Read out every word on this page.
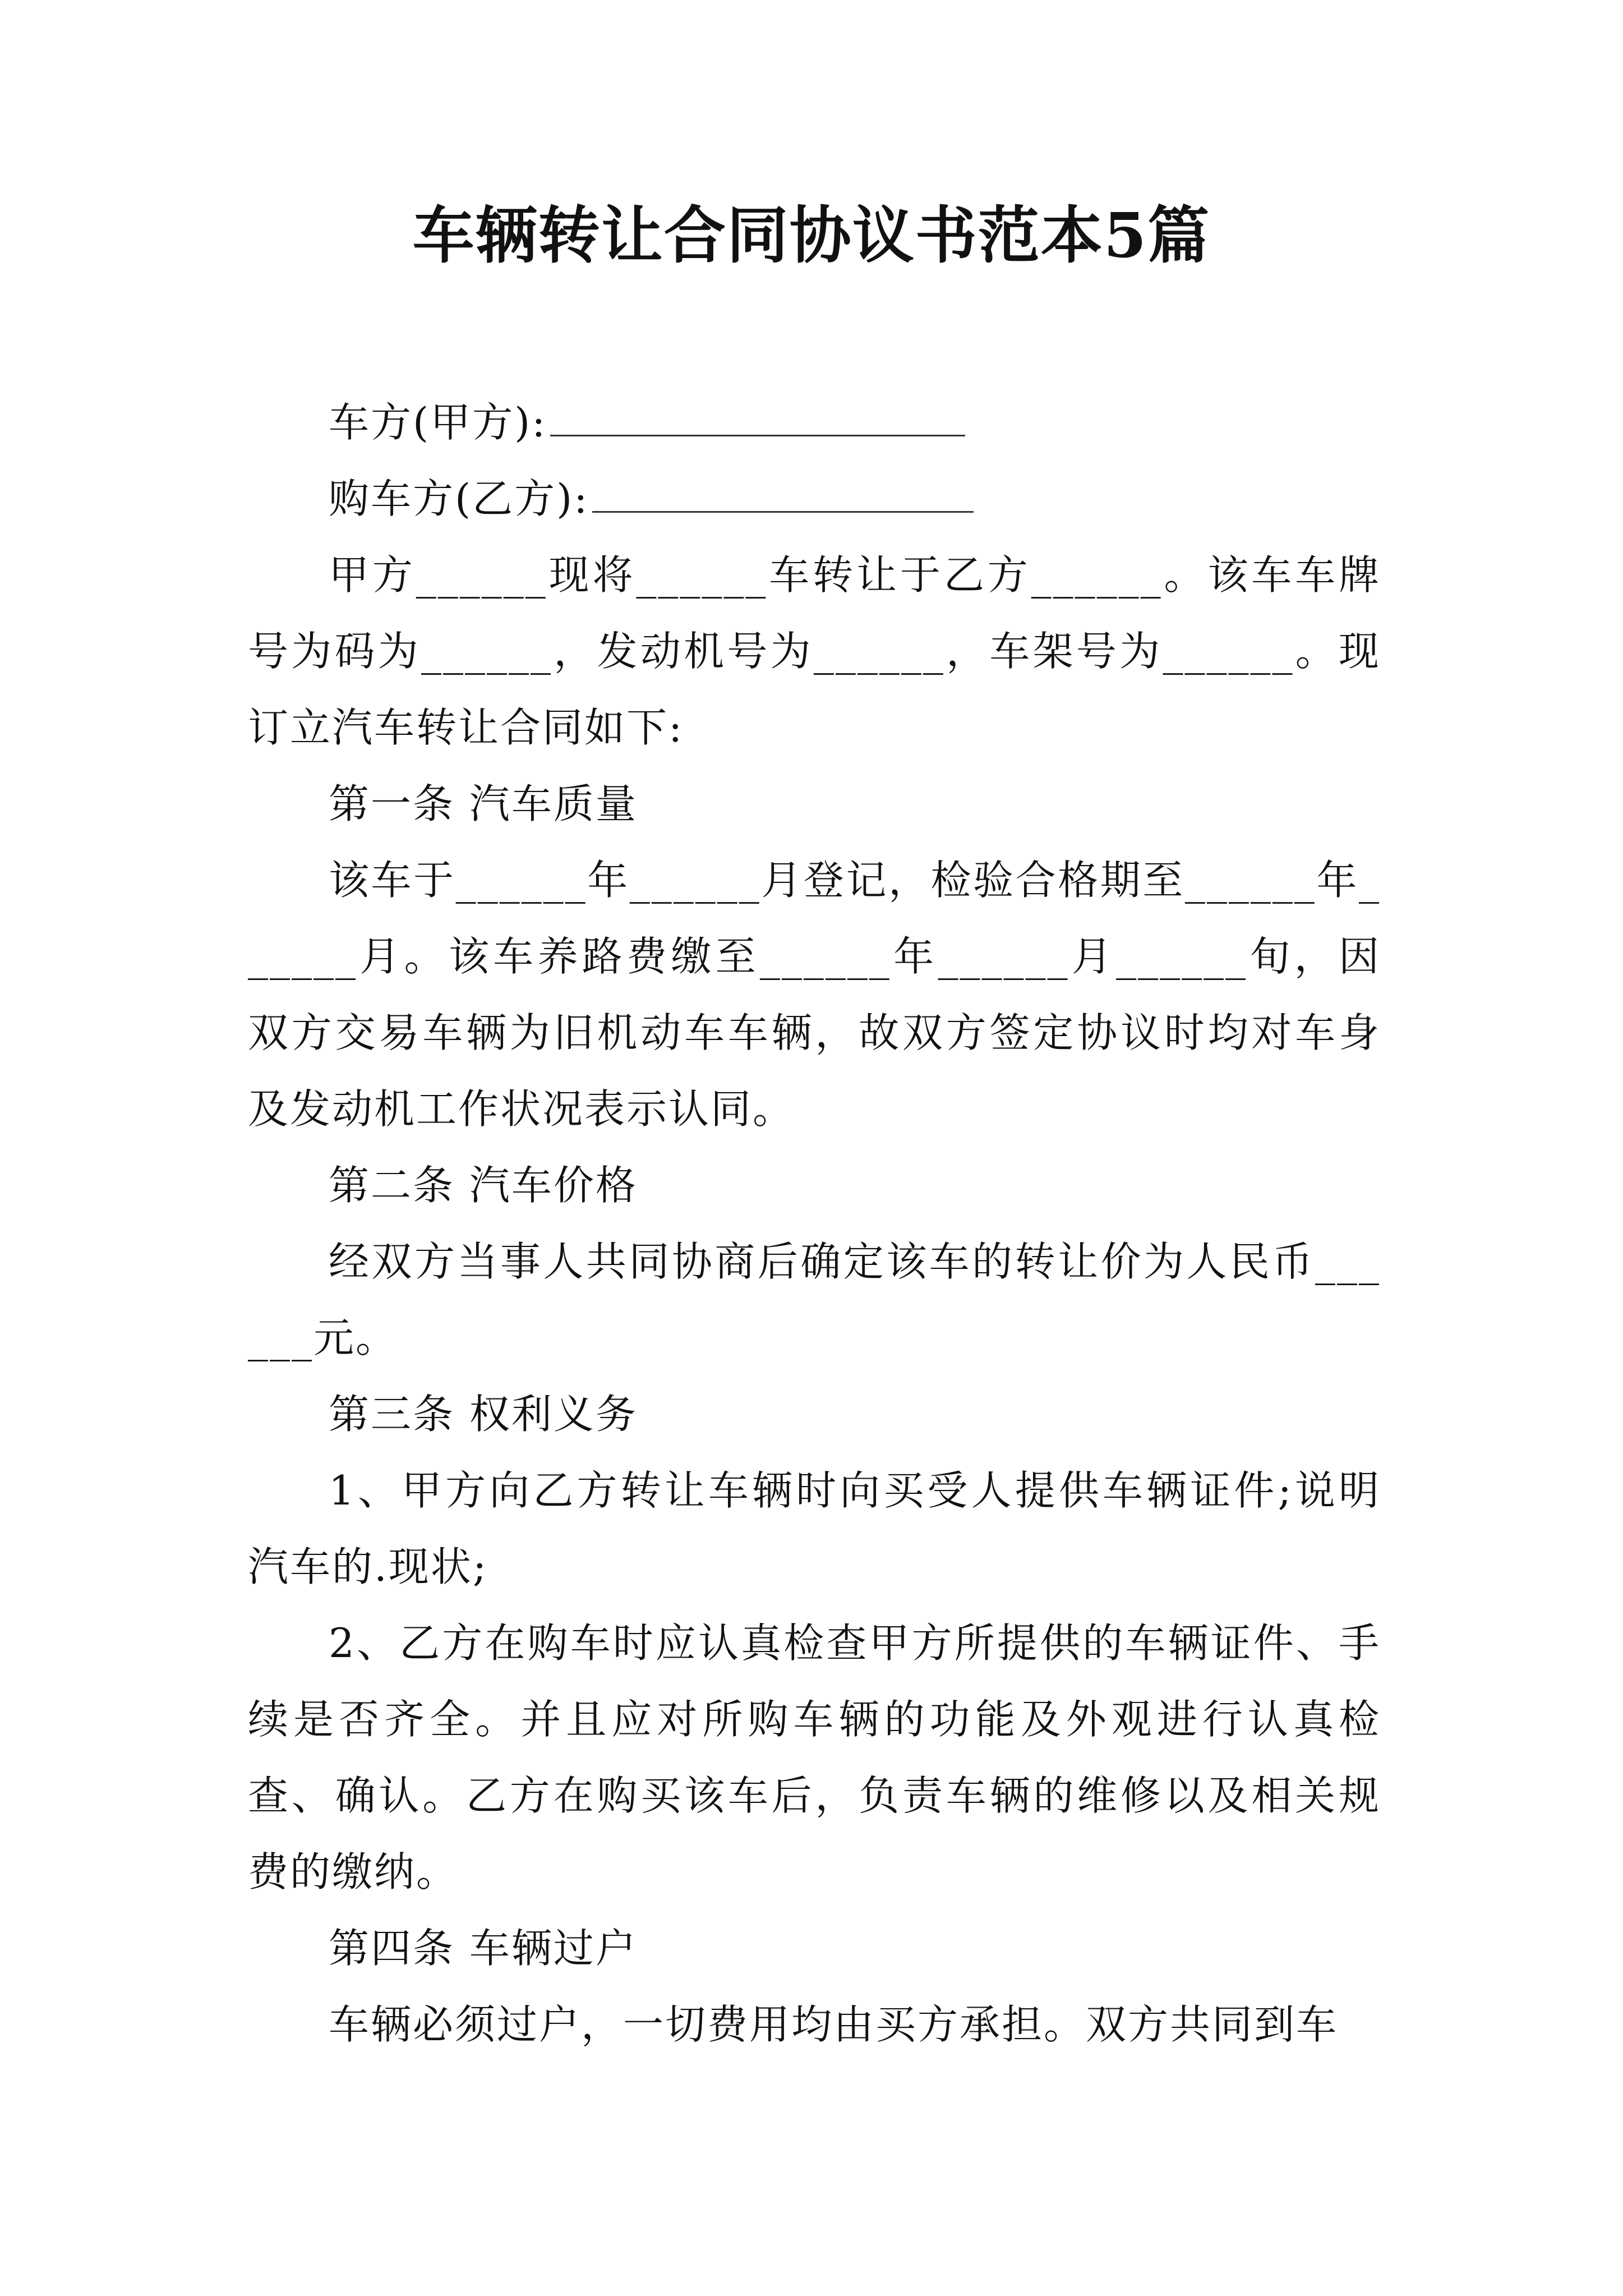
车辆转让合同协议书范本5篇

车方(甲方):

购车方(乙方):

甲方______现将______车转让于乙方______。该车车牌号为码为______，发动机号为______，车架号为______。现订立汽车转让合同如下:

第一条 汽车质量

该车于______年______月登记，检验合格期至______年______月。该车养路费缴至______年______月______旬，因双方交易车辆为旧机动车车辆，故双方签定协议时均对车身及发动机工作状况表示认同。

第二条 汽车价格

经双方当事人共同协商后确定该车的转让价为人民币______元。

第三条 权利义务

1、甲方向乙方转让车辆时向买受人提供车辆证件;说明汽车的.现状;

2、乙方在购车时应认真检查甲方所提供的车辆证件、手续是否齐全。并且应对所购车辆的功能及外观进行认真检查、确认。乙方在购买该车后，负责车辆的维修以及相关规费的缴纳。

第四条 车辆过户

车辆必须过户，一切费用均由买方承担。双方共同到车
